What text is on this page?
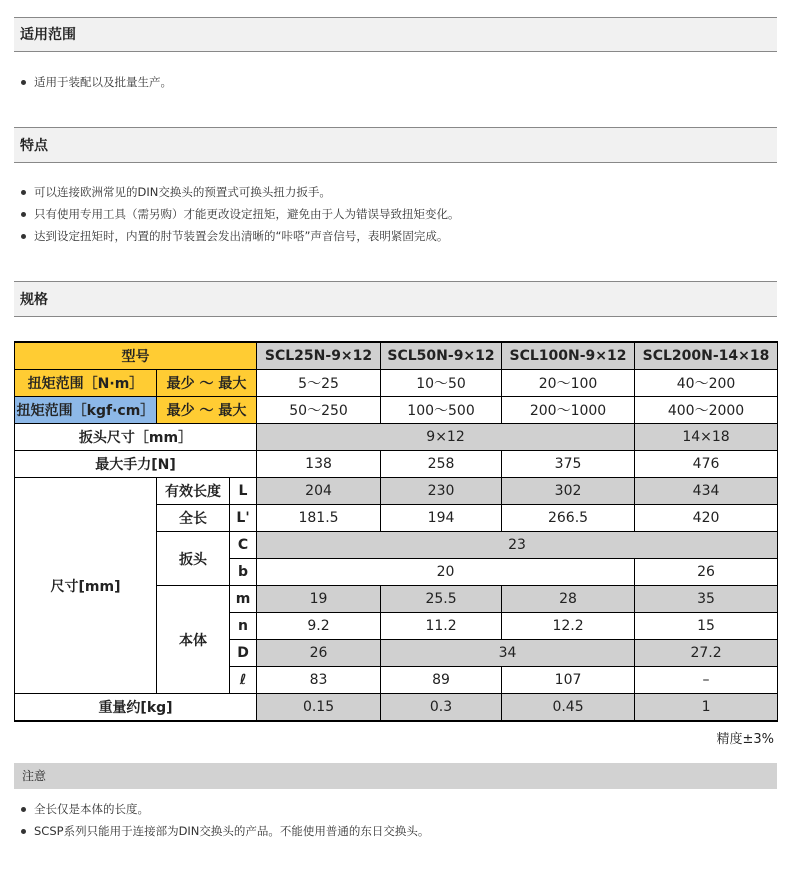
适用范围
适用于装配以及批量生产。
特点
可以连接欧洲常见的DIN交换头的预置式可换头扭力扳手。
只有使用专用工具（需另购）才能更改设定扭矩，避免由于人为错误导致扭矩变化。
达到设定扭矩时，内置的肘节装置会发出清晰的“咔嗒”声音信号，表明紧固完成。
规格
型号			SCL25N-9×12	SCL50N-9×12	SCL100N-9×12	SCL200N-14×18
扭矩范围［N·m］	最少 ～ 最大		5～25	10～50	20～100	40～200
扭矩范围［kgf·cm］	最少 ～ 最大		50～250	100～500	200～1000	400～2000
扳头尺寸［mm］			9×12			14×18
最大手力[N]			138	258	375	476
尺寸[mm]	有效长度	L	204	230	302	434
	全长	L'	181.5	194	266.5	420
	扳头	C	23			
		b	20			26
	本体	m	19	25.5	28	35
		n	9.2	11.2	12.2	15
		D	26	34		27.2
		ℓ	83	89	107	–
重量约[kg]			0.15	0.3	0.45	1
精度±3%
注意
全长仅是本体的长度。
SCSP系列只能用于连接部为DIN交换头的产品。不能使用普通的东日交换头。
